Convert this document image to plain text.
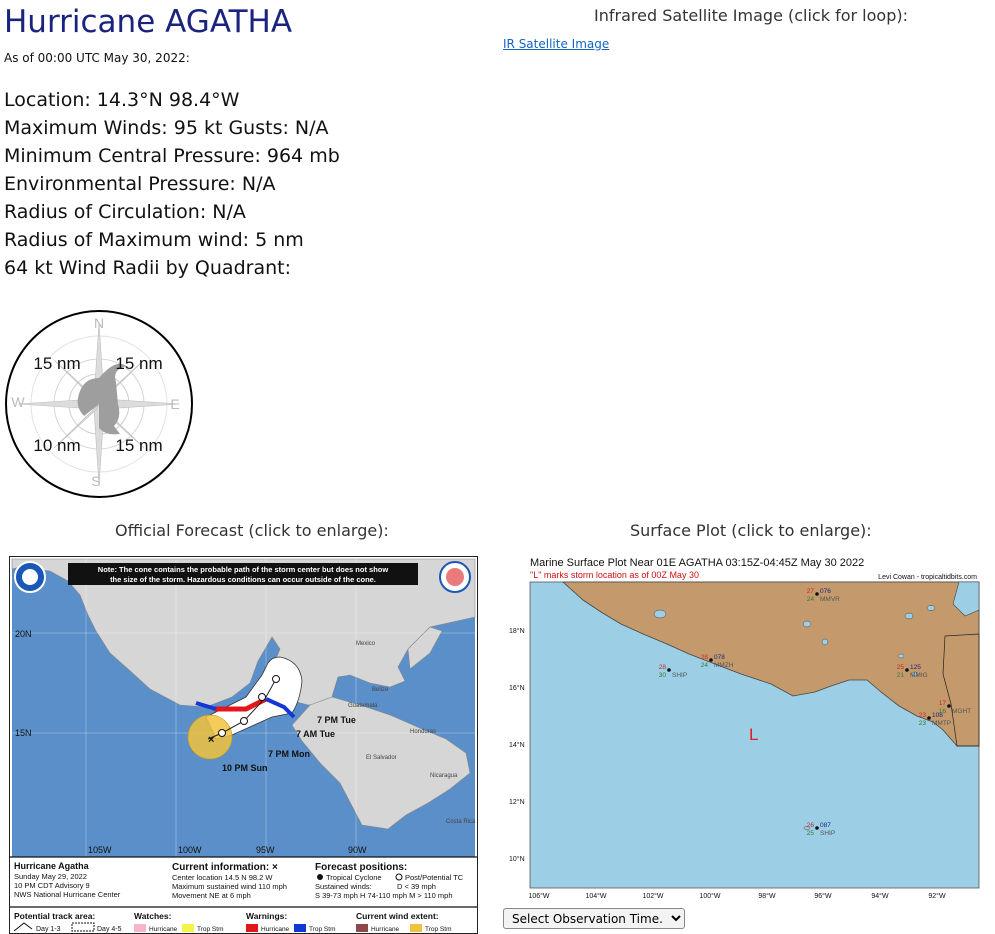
Hurricane AGATHA
As of 00:00 UTC May 30, 2022:
Location: 14.3°N 98.4°W
Maximum Winds: 95 kt Gusts: N/A
Minimum Central Pressure: 964 mb
Environmental Pressure: N/A
Radius of Circulation: N/A
Radius of Maximum wind: 5 nm
64 kt Wind Radii by Quadrant:
N
E
S
W
15 nm 15 nm
10 nm 15 nm
Infrared Satellite Image (click for loop):
IR Satellite Image
Official Forecast (click to enlarge):	Surface Plot (click to enlarge):
20N
15N
105W	100W	95W	90W
Mexico
Belize
Guatemala
Honduras
El Salvador
Nicaragua
Costa Rica
×
7 PM Tue
7 AM Tue
7 PM Mon
10 PM Sun
Note: The cone contains the probable path of the storm center but does not show
the size of the storm. Hazardous conditions can occur outside of the cone.
Hurricane Agatha
Sunday May 29, 2022
10 PM CDT Advisory 9
NWS National Hurricane Center
Current information: ×
Center location 14.5 N 98.2 W
Maximum sustained wind 110 mph
Movement NE at 6 mph
Forecast positions:
Tropical Cyclone	Post/Potential TC
Sustained winds:	D < 39 mph
S 39-73 mph H 74-110 mph M > 110 mph
Potential track area:
Day 1-3	Day 4-5
Watches:
Hurricane	Trop Stm
Warnings:
Hurricane	Trop Stm
Current wind extent:
Hurricane	Trop Stm
Marine Surface Plot Near 01E AGATHA 03:15Z-04:45Z May 30 2022
"L" marks storm location as of 00Z May 30	Levi Cowan - tropicaltidbits.com
18°N
16°N
14°N
12°N
10°N
106°W	104°W	102°W	100°W	98°W	96°W	94°W	92°W
L
27
24
076
MMVR
28
24
078
MMZH
28
30 SHIP
25
21
125
MMIG
17
16 MGHT
23
23
108
MMTP
26
25
087
SHIP
Select Observation Time...
